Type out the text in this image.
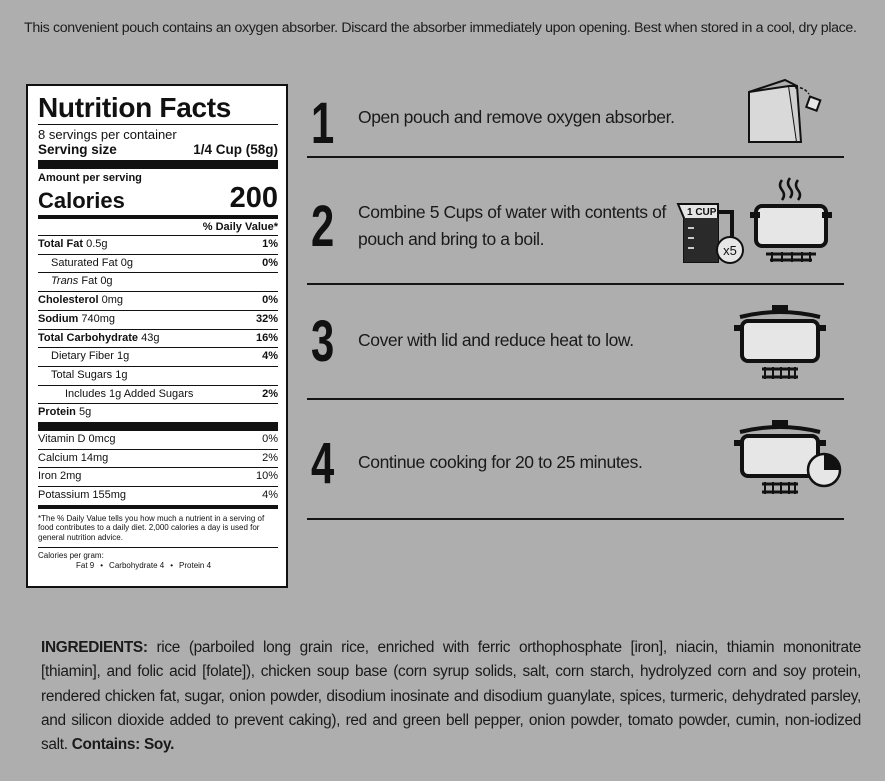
This convenient pouch contains an oxygen absorber. Discard the absorber immediately upon opening. Best when stored in a cool, dry place.
Nutrition Facts
8 servings per container
Serving size	1/4 Cup (58g)
Amount per serving
Calories	200
% Daily Value*
Total Fat 0.5g	1%
Saturated Fat 0g	0%
Trans Fat 0g
Cholesterol 0mg	0%
Sodium 740mg	32%
Total Carbohydrate 43g	16%
Dietary Fiber 1g	4%
Total Sugars 1g
Includes 1g Added Sugars	2%
Protein 5g
Vitamin D 0mcg	0%
Calcium 14mg	2%
Iron 2mg	10%
Potassium 155mg	4%
*The % Daily Value tells you how much a nutrient in a serving of food contributes to a daily diet. 2,000 calories a day is used for general nutrition advice.
Calories per gram:
Fat 9 • Carbohydrate 4 • Protein 4
1 Open pouch and remove oxygen absorber.
2 Combine 5 Cups of water with contents of pouch and bring to a boil.
1 CUP
x5
3 Cover with lid and reduce heat to low.
4 Continue cooking for 20 to 25 minutes.
INGREDIENTS: rice (parboiled long grain rice, enriched with ferric orthophosphate [iron], niacin, thiamin mononitrate [thiamin], and folic acid [folate]), chicken soup base (corn syrup solids, salt, corn starch, hydrolyzed corn and soy protein, rendered chicken fat, sugar, onion powder, disodium inosinate and disodium guanylate, spices, turmeric, dehydrated parsley, and silicon dioxide added to prevent caking), red and green bell pepper, onion powder, tomato powder, cumin, non-iodized salt. Contains: Soy.
